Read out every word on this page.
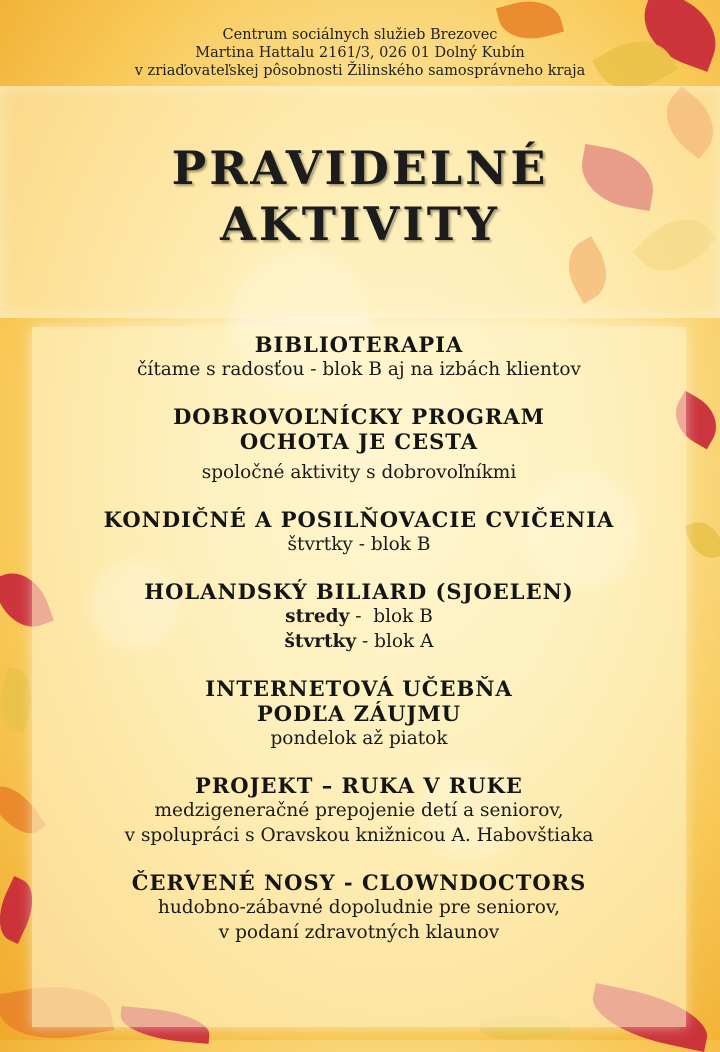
Centrum sociálnych služieb Brezovec
Martina Hattalu 2161/3, 026 01 Dolný Kubín
v zriaďovateľskej pôsobnosti Žilinského samosprávneho kraja
PRAVIDELNÉ
AKTIVITY
BIBLIOTERAPIA
čítame s radosťou - blok B aj na izbách klientov
DOBROVOĽNÍCKY PROGRAM
OCHOTA JE CESTA
spoločné aktivity s dobrovoľníkmi
KONDIČNÉ A POSILŇOVACIE CVIČENIA
štvrtky - blok B
HOLANDSKÝ BILIARD (SJOELEN)
stredy -  blok B
štvrtky - blok A
INTERNETOVÁ UČEBŇA
PODĽA ZÁUJMU
pondelok až piatok
PROJEKT – RUKA V RUKE
medzigeneračné prepojenie detí a seniorov,
v spolupráci s Oravskou knižnicou A. Habovštiaka
ČERVENÉ NOSY - CLOWNDOCTORS
hudobno-zábavné dopoludnie pre seniorov,
v podaní zdravotných klaunov
